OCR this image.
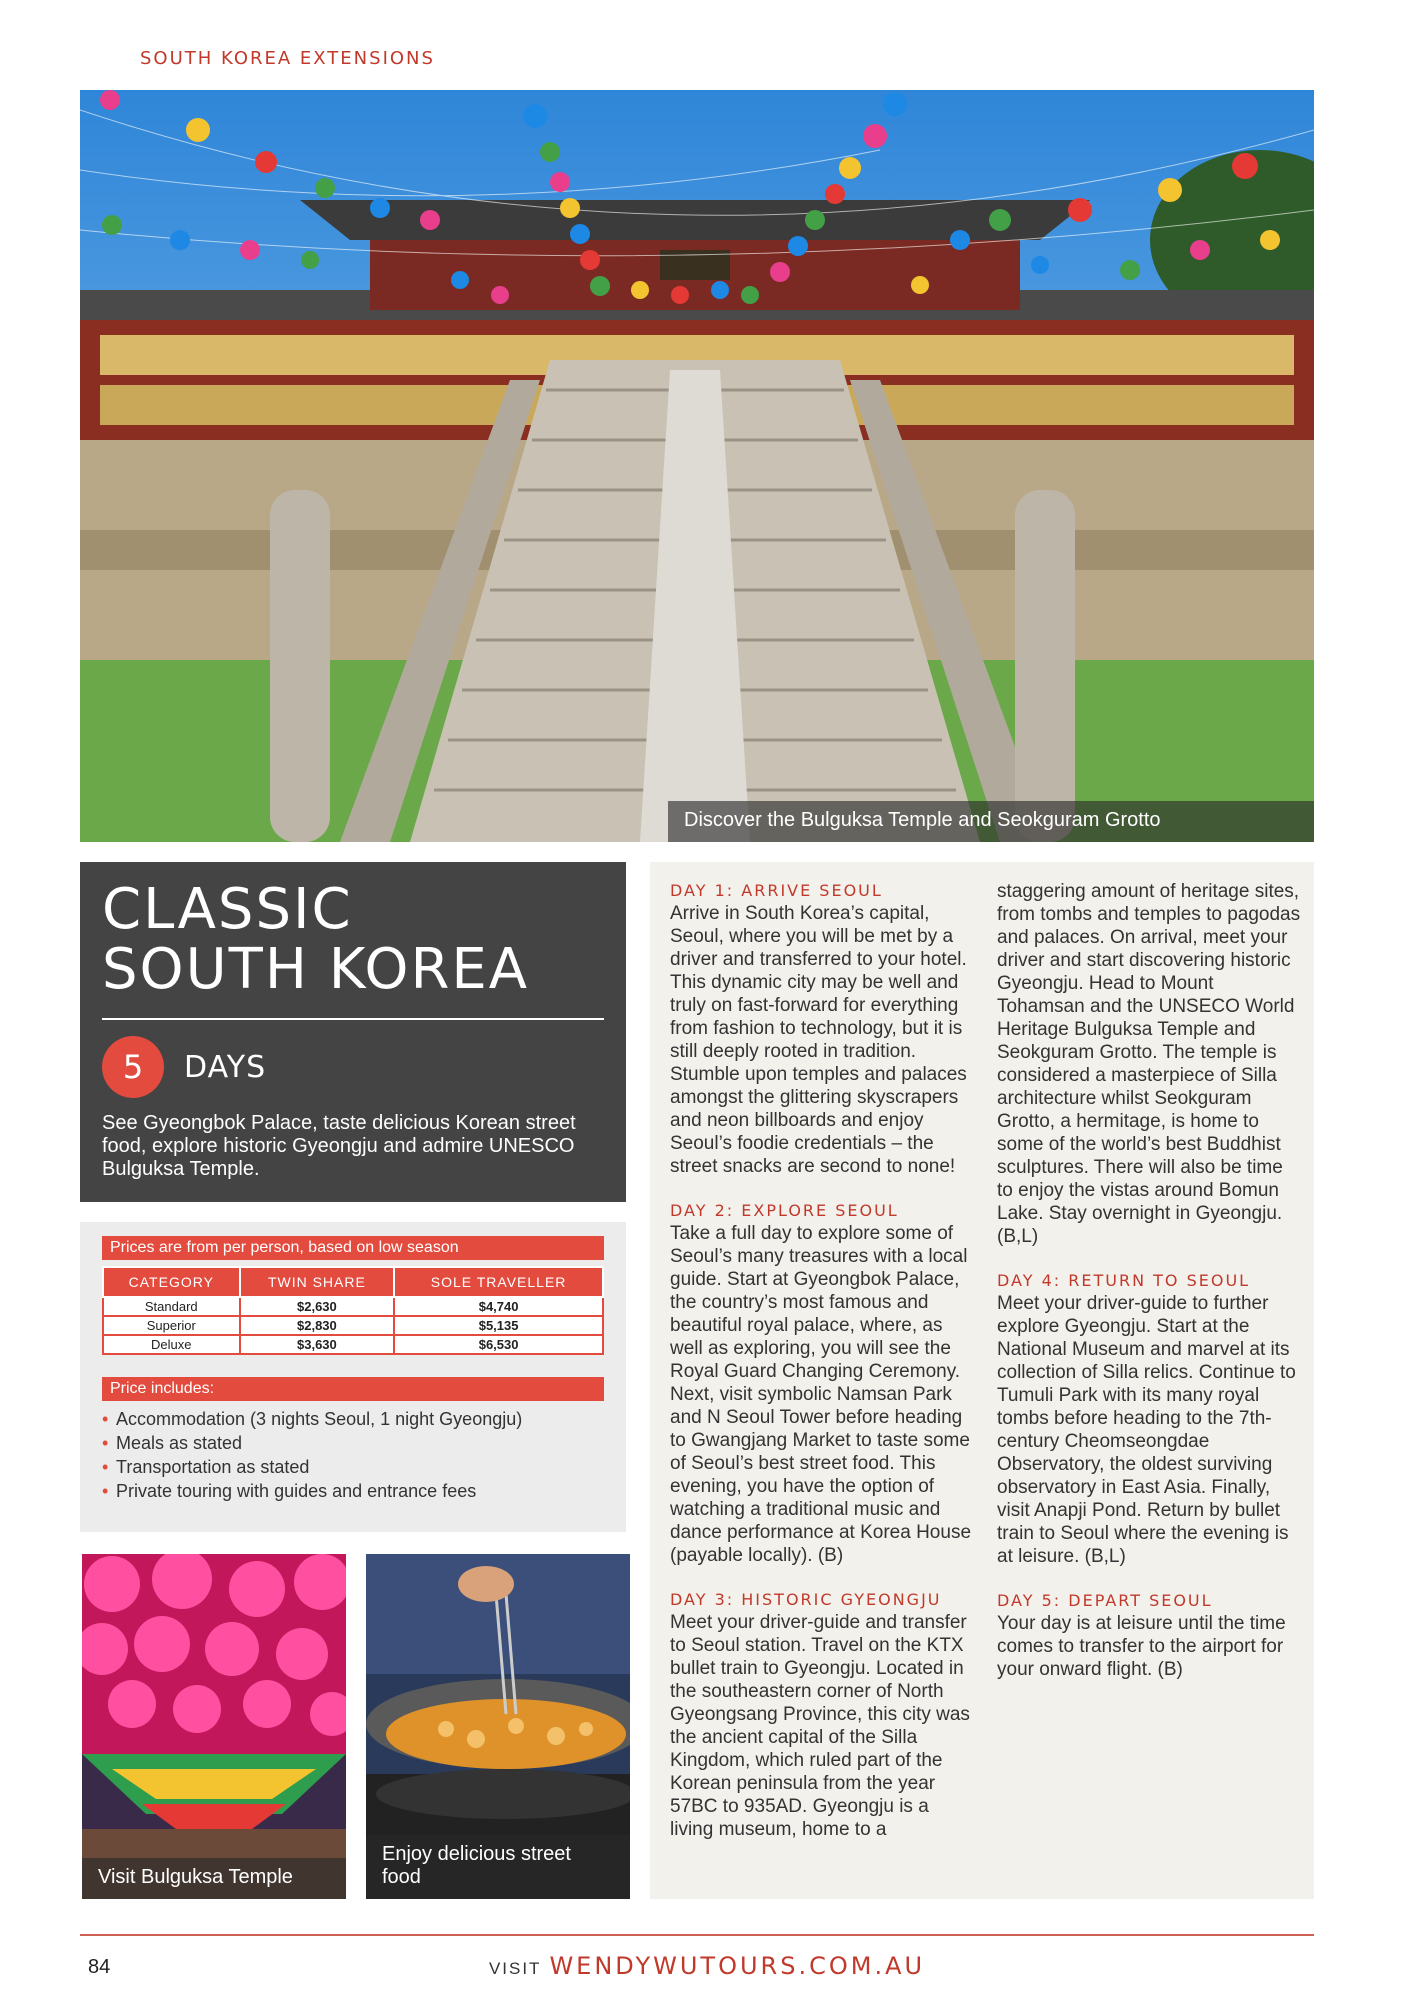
SOUTH KOREA EXTENSIONS
Discover the Bulguksa Temple and Seokguram Grotto
CLASSIC
SOUTH KOREA
5	DAYS

See Gyeongbok Palace, taste delicious Korean street food, explore historic Gyeongju and admire UNESCO Bulguksa Temple.

Prices are from per person, based on low season
CATEGORY	TWIN SHARE	SOLE TRAVELLER
Standard	$2,630	$4,740
Superior	$2,830	$5,135
Deluxe	$3,630	$6,530
Price includes:
• Accommodation (3 nights Seoul, 1 night Gyeongju)
• Meals as stated
• Transportation as stated
• Private touring with guides and entrance fees
Visit Bulguksa Temple
Enjoy delicious street food
DAY 1: ARRIVE SEOUL

Arrive in South Korea’s capital, Seoul, where you will be met by a driver and transferred to your hotel. This dynamic city may be well and truly on fast-forward for everything from fashion to technology, but it is still deeply rooted in tradition. Stumble upon temples and palaces amongst the glittering skyscrapers and neon billboards and enjoy Seoul’s foodie credentials – the street snacks are second to none!

DAY 2: EXPLORE SEOUL

Take a full day to explore some of Seoul’s many treasures with a local guide. Start at Gyeongbok Palace, the country’s most famous and beautiful royal palace, where, as well as exploring, you will see the Royal Guard Changing Ceremony. Next, visit symbolic Namsan Park and N Seoul Tower before heading to Gwangjang Market to taste some of Seoul’s best street food. This evening, you have the option of watching a traditional music and dance performance at Korea House (payable locally). (B)

DAY 3: HISTORIC GYEONGJU

Meet your driver-guide and transfer to Seoul station. Travel on the KTX bullet train to Gyeongju. Located in the southeastern corner of North Gyeongsang Province, this city was the ancient capital of the Silla Kingdom, which ruled part of the Korean peninsula from the year 57BC to 935AD. Gyeongju is a living museum, home to a

staggering amount of heritage sites, from tombs and temples to pagodas and palaces. On arrival, meet your driver and start discovering historic Gyeongju. Head to Mount Tohamsan and the UNSECO World Heritage Bulguksa Temple and Seokguram Grotto. The temple is considered a masterpiece of Silla architecture whilst Seokguram Grotto, a hermitage, is home to some of the world’s best Buddhist sculptures. There will also be time to enjoy the vistas around Bomun Lake. Stay overnight in Gyeongju. (B,L)

DAY 4: RETURN TO SEOUL

Meet your driver-guide to further explore Gyeongju. Start at the National Museum and marvel at its collection of Silla relics. Continue to Tumuli Park with its many royal tombs before heading to the 7th-century Cheomseongdae Observatory, the oldest surviving observatory in East Asia. Finally, visit Anapji Pond. Return by bullet train to Seoul where the evening is at leisure. (B,L)

DAY 5: DEPART SEOUL

Your day is at leisure until the time comes to transfer to the airport for your onward flight. (B)

84	VISIT WENDYWUTOURS.COM.AU
